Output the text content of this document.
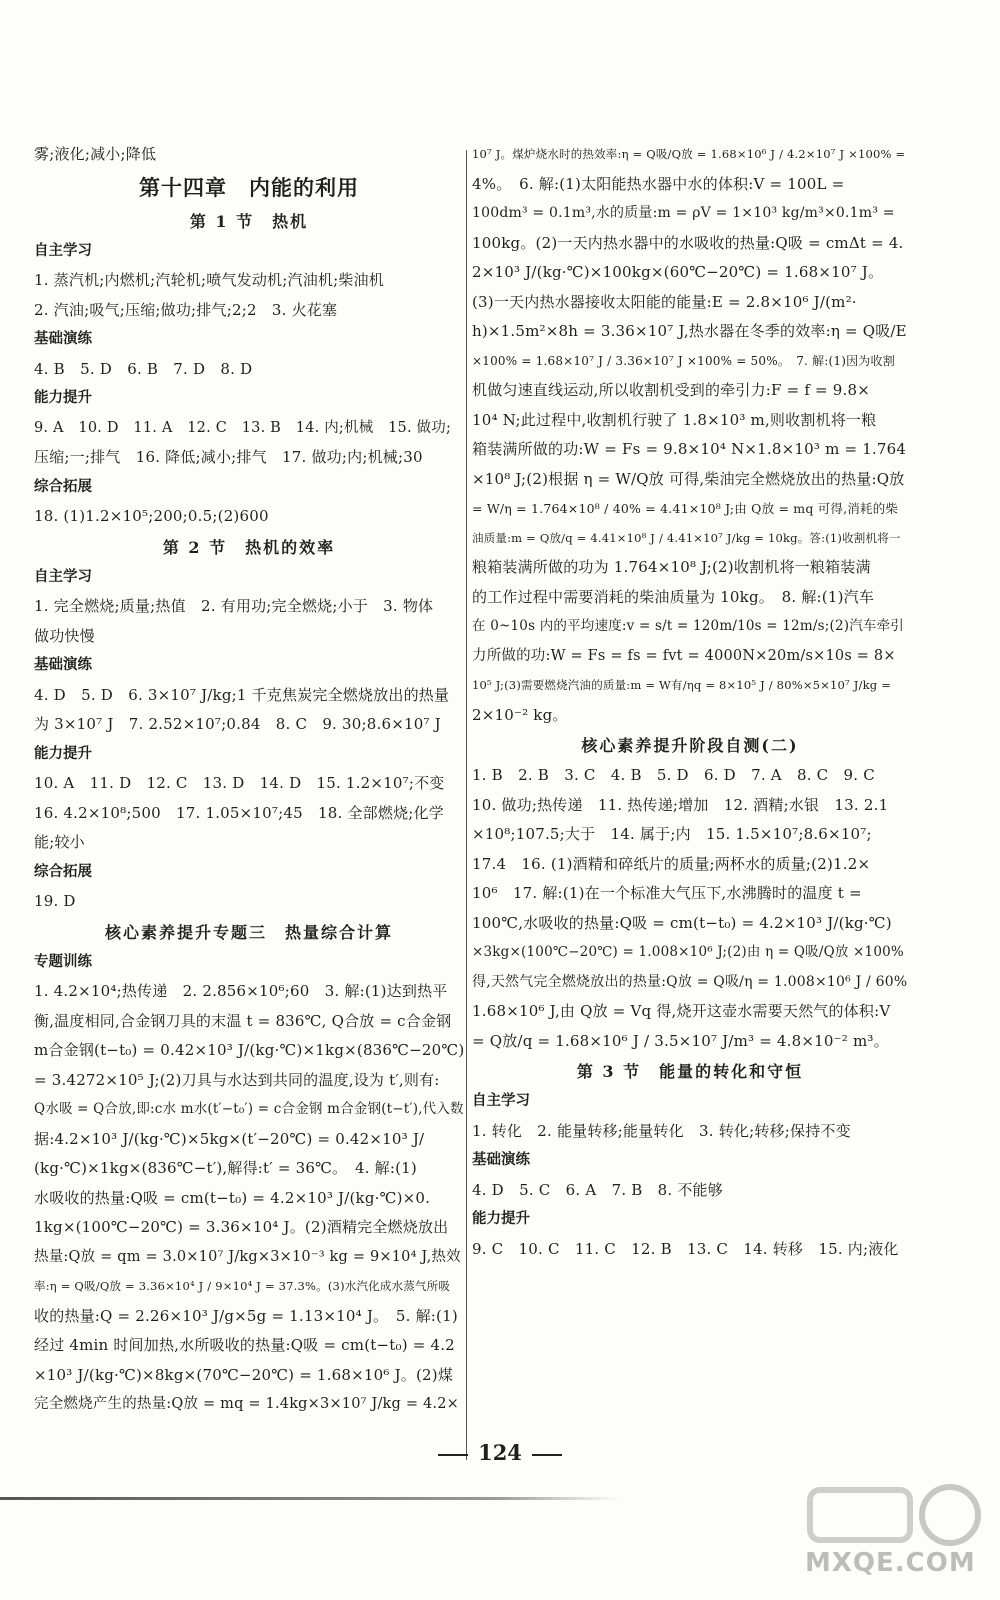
雾;液化;减小;降低
第十四章　内能的利用
第 1 节　热机
自主学习
1. 蒸汽机;内燃机;汽轮机;喷气发动机;汽油机;柴油机
2. 汽油;吸气;压缩;做功;排气;2;2　3. 火花塞
基础演练
4. B　5. D　6. B　7. D　8. D
能力提升
9. A　10. D　11. A　12. C　13. B　14. 内;机械　15. 做功;
压缩;一;排气　16. 降低;减小;排气　17. 做功;内;机械;30
综合拓展
18. (1)1.2×10⁵;200;0.5;(2)600
第 2 节　热机的效率
自主学习
1. 完全燃烧;质量;热值　2. 有用功;完全燃烧;小于　3. 物体
做功快慢
基础演练
4. D　5. D　6. 3×10⁷ J/kg;1 千克焦炭完全燃烧放出的热量
为 3×10⁷ J　7. 2.52×10⁷;0.84　8. C　9. 30;8.6×10⁷ J
能力提升
10. A　11. D　12. C　13. D　14. D　15. 1.2×10⁷;不变
16. 4.2×10⁸;500　17. 1.05×10⁷;45　18. 全部燃烧;化学
能;较小
综合拓展
19. D
核心素养提升专题三　热量综合计算
专题训练
1. 4.2×10⁴;热传递　2. 2.856×10⁶;60　3. 解:(1)达到热平
衡,温度相同,合金钢刀具的末温 t = 836℃, Q合放 = c合金钢
m合金钢(t−t₀) = 0.42×10³ J/(kg·℃)×1kg×(836℃−20℃)
= 3.4272×10⁵ J;(2)刀具与水达到共同的温度,设为 t′,则有:
Q水吸 = Q合放,即:c水 m水(t′−t₀′) = c合金钢 m合金钢(t−t′),代入数
据:4.2×10³ J/(kg·℃)×5kg×(t′−20℃) = 0.42×10³ J/
(kg·℃)×1kg×(836℃−t′),解得:t′ = 36℃。　4. 解:(1)
水吸收的热量:Q吸 = cm(t−t₀) = 4.2×10³ J/(kg·℃)×0.
1kg×(100℃−20℃) = 3.36×10⁴ J。(2)酒精完全燃烧放出
热量:Q放 = qm = 3.0×10⁷ J/kg×3×10⁻³ kg = 9×10⁴ J,热效
率:η = Q吸/Q放 = 3.36×10⁴ J / 9×10⁴ J = 37.3%。(3)水汽化成水蒸气所吸
收的热量:Q = 2.26×10³ J/g×5g = 1.13×10⁴ J。　5. 解:(1)
经过 4min 时间加热,水所吸收的热量:Q吸 = cm(t−t₀) = 4.2
×10³ J/(kg·℃)×8kg×(70℃−20℃) = 1.68×10⁶ J。(2)煤
完全燃烧产生的热量:Q放 = mq = 1.4kg×3×10⁷ J/kg = 4.2×
10⁷ J。煤炉烧水时的热效率:η = Q吸/Q放 = 1.68×10⁶ J / 4.2×10⁷ J ×100% =
4%。　6. 解:(1)太阳能热水器中水的体积:V = 100L =
100dm³ = 0.1m³,水的质量:m = ρV = 1×10³ kg/m³×0.1m³ =
100kg。(2)一天内热水器中的水吸收的热量:Q吸 = cmΔt = 4.
2×10³ J/(kg·℃)×100kg×(60℃−20℃) = 1.68×10⁷ J。
(3)一天内热水器接收太阳能的能量:E = 2.8×10⁶ J/(m²·
h)×1.5m²×8h = 3.36×10⁷ J,热水器在冬季的效率:η = Q吸/E
×100% = 1.68×10⁷ J / 3.36×10⁷ J ×100% = 50%。　7. 解:(1)因为收割
机做匀速直线运动,所以收割机受到的牵引力:F = f = 9.8×
10⁴ N;此过程中,收割机行驶了 1.8×10³ m,则收割机将一粮
箱装满所做的功:W = Fs = 9.8×10⁴ N×1.8×10³ m = 1.764
×10⁸ J;(2)根据 η = W/Q放 可得,柴油完全燃烧放出的热量:Q放
= W/η = 1.764×10⁸ / 40% = 4.41×10⁸ J;由 Q放 = mq 可得,消耗的柴
油质量:m = Q放/q = 4.41×10⁸ J / 4.41×10⁷ J/kg = 10kg。答:(1)收割机将一
粮箱装满所做的功为 1.764×10⁸ J;(2)收割机将一粮箱装满
的工作过程中需要消耗的柴油质量为 10kg。　8. 解:(1)汽车
在 0~10s 内的平均速度:v = s/t = 120m/10s = 12m/s;(2)汽车牵引
力所做的功:W = Fs = fs = fvt = 4000N×20m/s×10s = 8×
10⁵ J;(3)需要燃烧汽油的质量:m = W有/ηq = 8×10⁵ J / 80%×5×10⁷ J/kg =
2×10⁻² kg。
核心素养提升阶段自测(二)
1. B　2. B　3. C　4. B　5. D　6. D　7. A　8. C　9. C
10. 做功;热传递　11. 热传递;增加　12. 酒精;水银　13. 2.1
×10⁸;107.5;大于　14. 属于;内　15. 1.5×10⁷;8.6×10⁷;
17.4　16. (1)酒精和碎纸片的质量;两杯水的质量;(2)1.2×
10⁶　17. 解:(1)在一个标准大气压下,水沸腾时的温度 t =
100℃,水吸收的热量:Q吸 = cm(t−t₀) = 4.2×10³ J/(kg·℃)
×3kg×(100℃−20℃) = 1.008×10⁶ J;(2)由 η = Q吸/Q放 ×100%
得,天然气完全燃烧放出的热量:Q放 = Q吸/η = 1.008×10⁶ J / 60%
1.68×10⁶ J,由 Q放 = Vq 得,烧开这壶水需要天然气的体积:V
= Q放/q = 1.68×10⁶ J / 3.5×10⁷ J/m³ = 4.8×10⁻² m³。
第 3 节　能量的转化和守恒
自主学习
1. 转化　2. 能量转移;能量转化　3. 转化;转移;保持不变
基础演练
4. D　5. C　6. A　7. B　8. 不能够
能力提升
9. C　10. C　11. C　12. B　13. C　14. 转移　15. 内;液化
124
MXQE.COM
